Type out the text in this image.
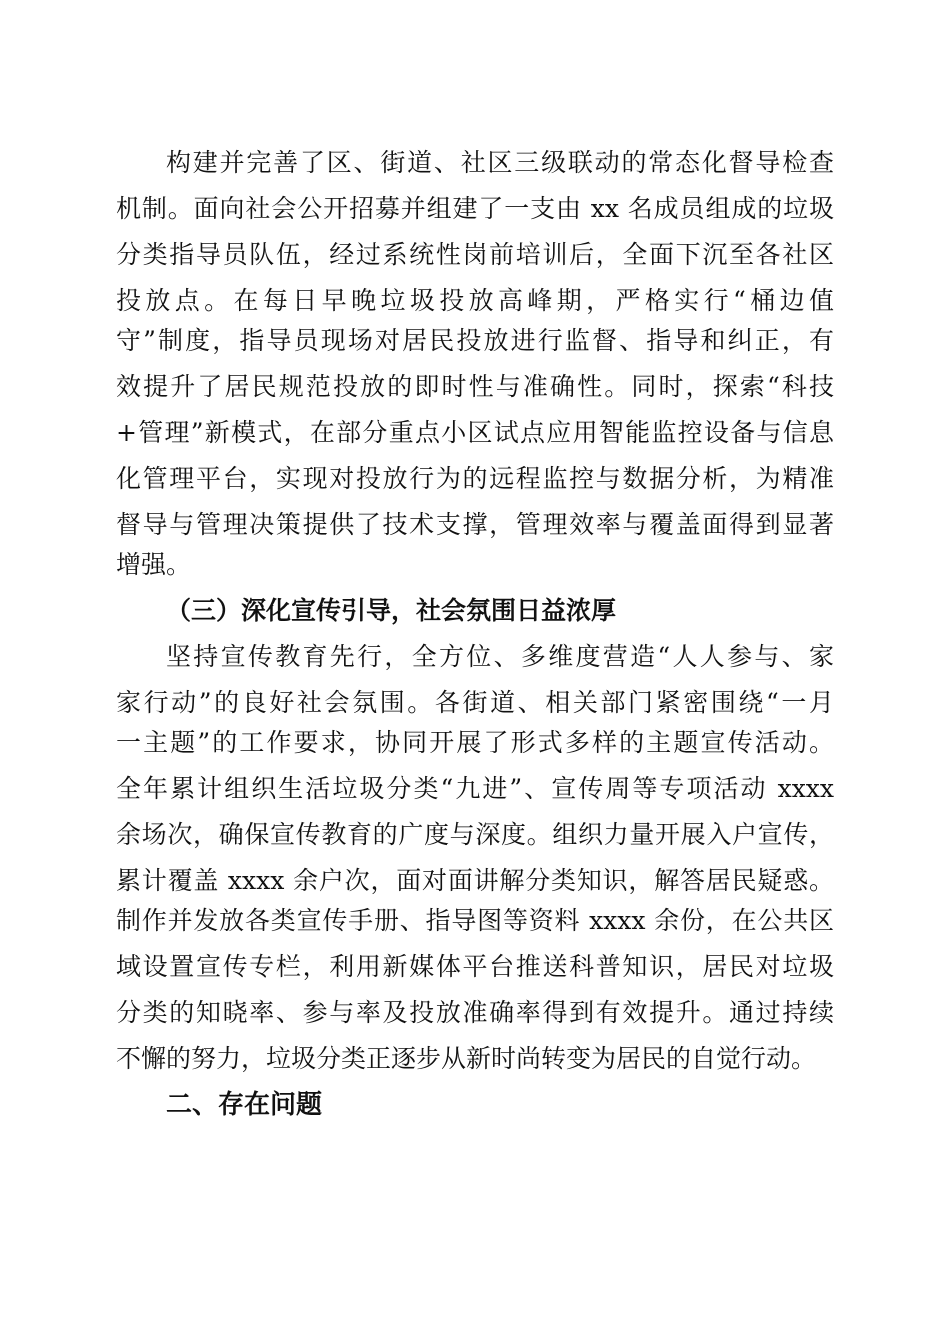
构建并完善了区、街道、社区三级联动的常态化督导检查
机制。面向社会公开招募并组建了一支由 xx 名成员组成的垃圾
分类指导员队伍，经过系统性岗前培训后，全面下沉至各社区
投放点。在每日早晚垃圾投放高峰期，严格实行“桶边值
守”制度，指导员现场对居民投放进行监督、指导和纠正，有
效提升了居民规范投放的即时性与准确性。同时，探索“科技
+管理”新模式，在部分重点小区试点应用智能监控设备与信息
化管理平台，实现对投放行为的远程监控与数据分析，为精准
督导与管理决策提供了技术支撑，管理效率与覆盖面得到显著
增强。
（三）深化宣传引导，社会氛围日益浓厚
坚持宣传教育先行，全方位、多维度营造“人人参与、家
家行动”的良好社会氛围。各街道、相关部门紧密围绕“一月
一主题”的工作要求，协同开展了形式多样的主题宣传活动。
全年累计组织生活垃圾分类“九进”、宣传周等专项活动 xxxx
余场次，确保宣传教育的广度与深度。组织力量开展入户宣传，
累计覆盖 xxxx 余户次，面对面讲解分类知识，解答居民疑惑。
制作并发放各类宣传手册、指导图等资料 xxxx 余份，在公共区
域设置宣传专栏，利用新媒体平台推送科普知识，居民对垃圾
分类的知晓率、参与率及投放准确率得到有效提升。通过持续
不懈的努力，垃圾分类正逐步从新时尚转变为居民的自觉行动。
二、存在问题
